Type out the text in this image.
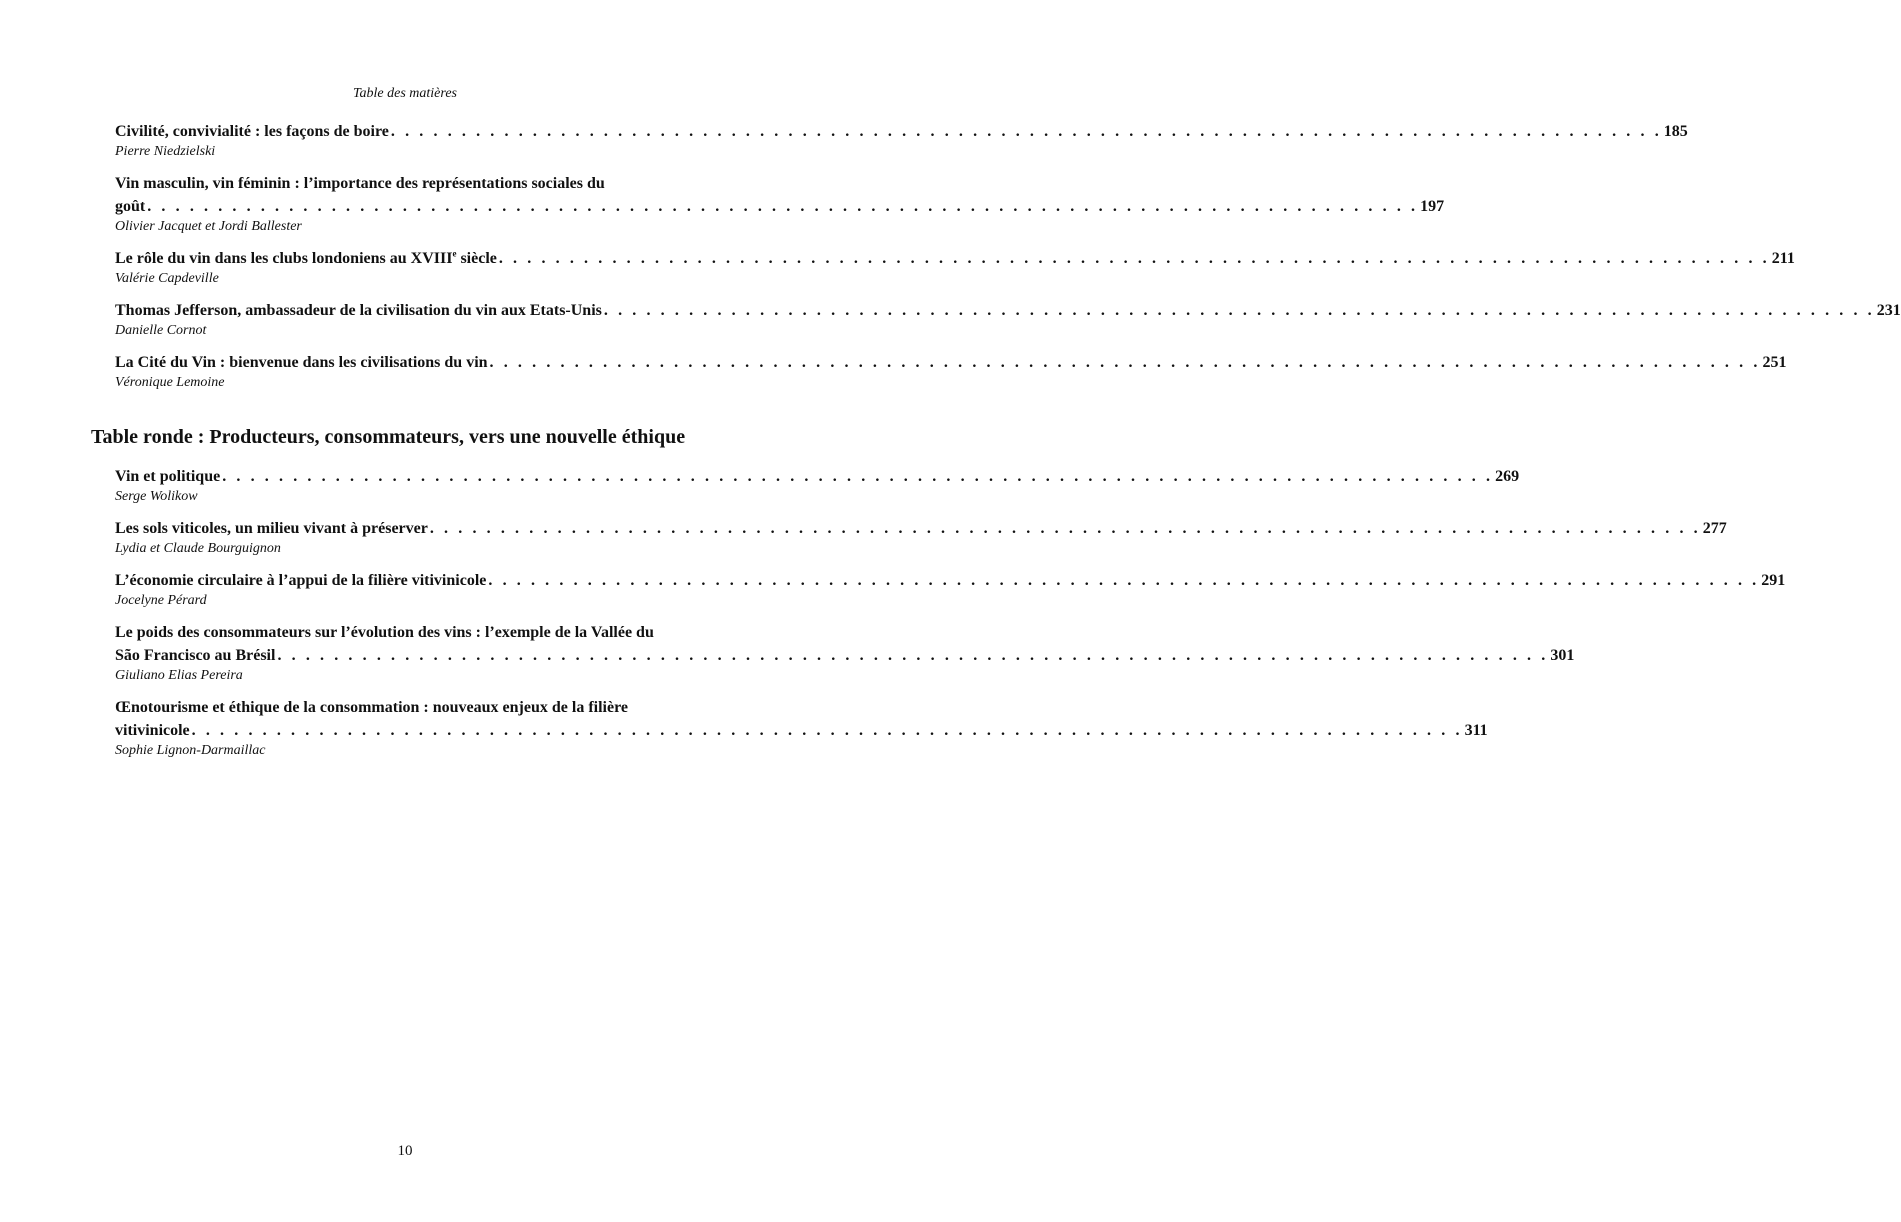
Table des matières
Civilité, convivialité : les façons de boire . . . . . . . . . . . . . . . . . . . . . . . . . . . . . . . . . . . . . . . . . . . . . . . . . . . . . . . . . . . . . . . . . . . . . . . . . . . . . . . . . . . . . . . . . . 185
Pierre Niedzielski
Vin masculin, vin féminin : l’importance des représentations sociales du
goût . . . . . . . . . . . . . . . . . . . . . . . . . . . . . . . . . . . . . . . . . . . . . . . . . . . . . . . . . . . . . . . . . . . . . . . . . . . . . . . . . . . . . . . . . . 197
Olivier Jacquet et Jordi Ballester
Le rôle du vin dans les clubs londoniens au XVIIIe siècle . . . . . . . . . . . . . . . . . . . . . . . . . . . . . . . . . . . . . . . . . . . . . . . . . . . . . . . . . . . . . . . . . . . . . . . . . . . . . . . . . . . . . . . . . . 211
Valérie Capdeville
Thomas Jefferson, ambassadeur de la civilisation du vin aux Etats-Unis . . . . . . . . . . . . . . . . . . . . . . . . . . . . . . . . . . . . . . . . . . . . . . . . . . . . . . . . . . . . . . . . . . . . . . . . . . . . . . . . . . . . . . . . . . 231
Danielle Cornot
La Cité du Vin : bienvenue dans les civilisations du vin . . . . . . . . . . . . . . . . . . . . . . . . . . . . . . . . . . . . . . . . . . . . . . . . . . . . . . . . . . . . . . . . . . . . . . . . . . . . . . . . . . . . . . . . . . 251
Véronique Lemoine
Table ronde : Producteurs, consommateurs, vers une nouvelle éthique
Vin et politique . . . . . . . . . . . . . . . . . . . . . . . . . . . . . . . . . . . . . . . . . . . . . . . . . . . . . . . . . . . . . . . . . . . . . . . . . . . . . . . . . . . . . . . . . . 269
Serge Wolikow
Les sols viticoles, un milieu vivant à préserver . . . . . . . . . . . . . . . . . . . . . . . . . . . . . . . . . . . . . . . . . . . . . . . . . . . . . . . . . . . . . . . . . . . . . . . . . . . . . . . . . . . . . . . . . . 277
Lydia et Claude Bourguignon
L’économie circulaire à l’appui de la filière vitivinicole . . . . . . . . . . . . . . . . . . . . . . . . . . . . . . . . . . . . . . . . . . . . . . . . . . . . . . . . . . . . . . . . . . . . . . . . . . . . . . . . . . . . . . . . . . 291
Jocelyne Pérard
Le poids des consommateurs sur l’évolution des vins : l’exemple de la Vallée du
São Francisco au Brésil . . . . . . . . . . . . . . . . . . . . . . . . . . . . . . . . . . . . . . . . . . . . . . . . . . . . . . . . . . . . . . . . . . . . . . . . . . . . . . . . . . . . . . . . . . 301
Giuliano Elias Pereira
Œnotourisme et éthique de la consommation : nouveaux enjeux de la filière
vitivinicole . . . . . . . . . . . . . . . . . . . . . . . . . . . . . . . . . . . . . . . . . . . . . . . . . . . . . . . . . . . . . . . . . . . . . . . . . . . . . . . . . . . . . . . . . . 311
Sophie Lignon-Darmaillac
10
